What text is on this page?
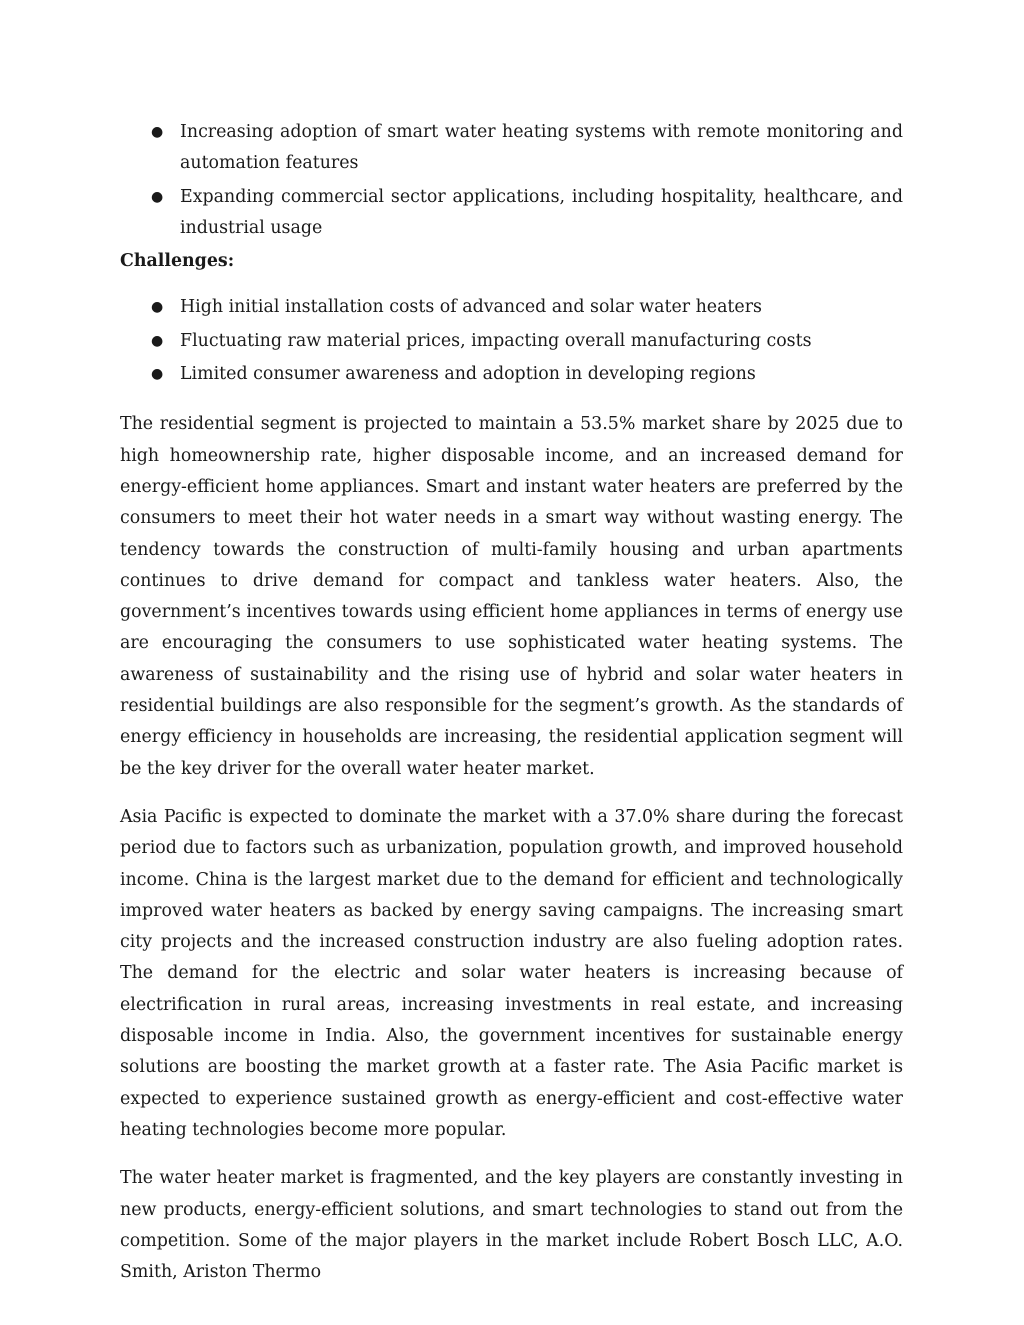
● Increasing adoption of smart water heating systems with remote monitoring and automation features
● Expanding commercial sector applications, including hospitality, healthcare, and industrial usage
Challenges:
● High initial installation costs of advanced and solar water heaters
● Fluctuating raw material prices, impacting overall manufacturing costs
● Limited consumer awareness and adoption in developing regions

The residential segment is projected to maintain a 53.5% market share by 2025 due to high homeownership rate, higher disposable income, and an increased demand for energy-efficient home appliances. Smart and instant water heaters are preferred by the consumers to meet their hot water needs in a smart way without wasting energy. The tendency towards the construction of multi-family housing and urban apartments continues to drive demand for compact and tankless water heaters. Also, the government’s incentives towards using efficient home appliances in terms of energy use are encouraging the consumers to use sophisticated water heating systems. The awareness of sustainability and the rising use of hybrid and solar water heaters in residential buildings are also responsible for the segment’s growth. As the standards of energy efficiency in households are increasing, the residential application segment will be the key driver for the overall water heater market.

Asia Pacific is expected to dominate the market with a 37.0% share during the forecast period due to factors such as urbanization, population growth, and improved household income. China is the largest market due to the demand for efficient and technologically improved water heaters as backed by energy saving campaigns. The increasing smart city projects and the increased construction industry are also fueling adoption rates. The demand for the electric and solar water heaters is increasing because of electrification in rural areas, increasing investments in real estate, and increasing disposable income in India. Also, the government incentives for sustainable energy solutions are boosting the market growth at a faster rate. The Asia Pacific market is expected to experience sustained growth as energy-efficient and cost-effective water heating technologies become more popular.

The water heater market is fragmented, and the key players are constantly investing in new products, energy-efficient solutions, and smart technologies to stand out from the competition. Some of the major players in the market include Robert Bosch LLC, A.O. Smith, Ariston Thermo
